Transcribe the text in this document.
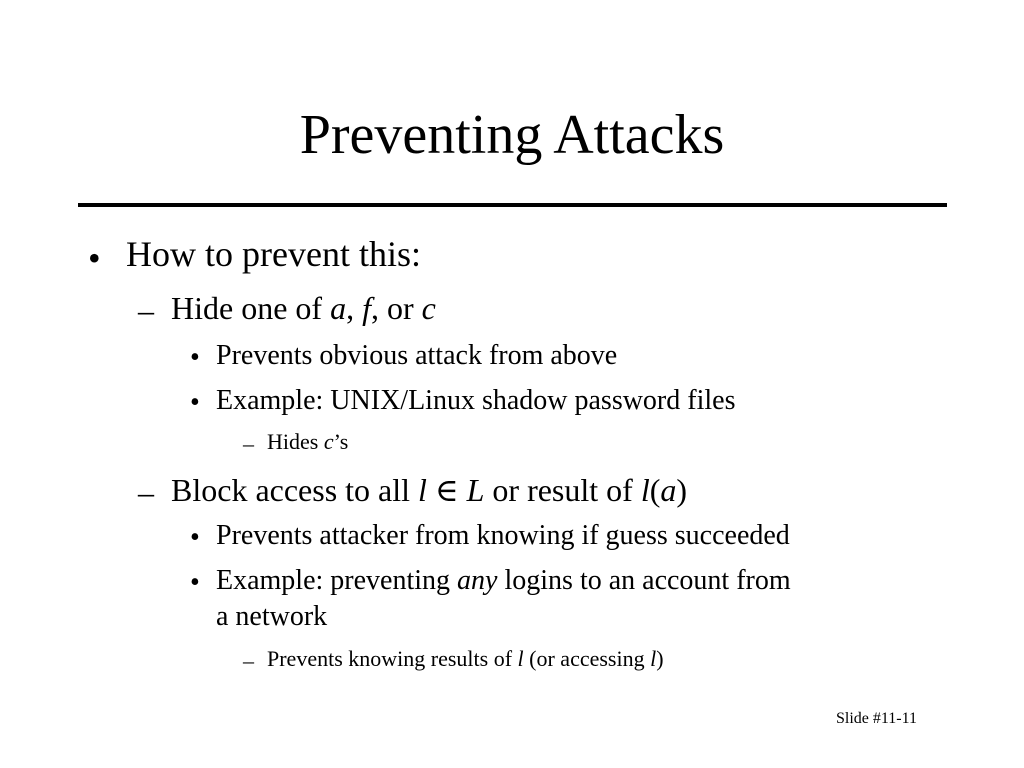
Preventing Attacks
• How to prevent this:
– Hide one of a, f, or c
• Prevents obvious attack from above
• Example: UNIX/Linux shadow password files
– Hides c’s
– Block access to all l ∈ L or result of l(a)
• Prevents attacker from knowing if guess succeeded
• Example: preventing any logins to an account from
a network
– Prevents knowing results of l (or accessing l)
Slide #11-11
